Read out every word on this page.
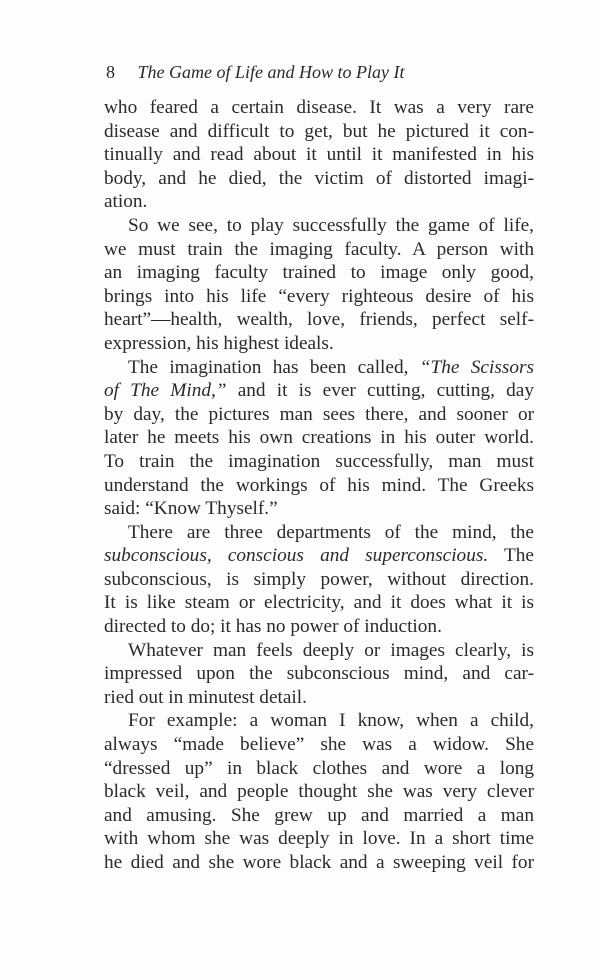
8 The Game of Life and How to Play It
who feared a certain disease. It was a very rare
disease and difficult to get, but he pictured it con-
tinually and read about it until it manifested in his
body, and he died, the victim of distorted imagi-
ation.
So we see, to play successfully the game of life,
we must train the imaging faculty. A person with
an imaging faculty trained to image only good,
brings into his life “every righteous desire of his
heart”—health, wealth, love, friends, perfect self-
expression, his highest ideals.
The imagination has been called, “The Scissors
of The Mind,” and it is ever cutting, cutting, day
by day, the pictures man sees there, and sooner or
later he meets his own creations in his outer world.
To train the imagination successfully, man must
understand the workings of his mind. The Greeks
said: “Know Thyself.”
There are three departments of the mind, the
subconscious, conscious and superconscious. The
subconscious, is simply power, without direction.
It is like steam or electricity, and it does what it is
directed to do; it has no power of induction.
Whatever man feels deeply or images clearly, is
impressed upon the subconscious mind, and car-
ried out in minutest detail.
For example: a woman I know, when a child,
always “made believe” she was a widow. She
“dressed up” in black clothes and wore a long
black veil, and people thought she was very clever
and amusing. She grew up and married a man
with whom she was deeply in love. In a short time
he died and she wore black and a sweeping veil for
